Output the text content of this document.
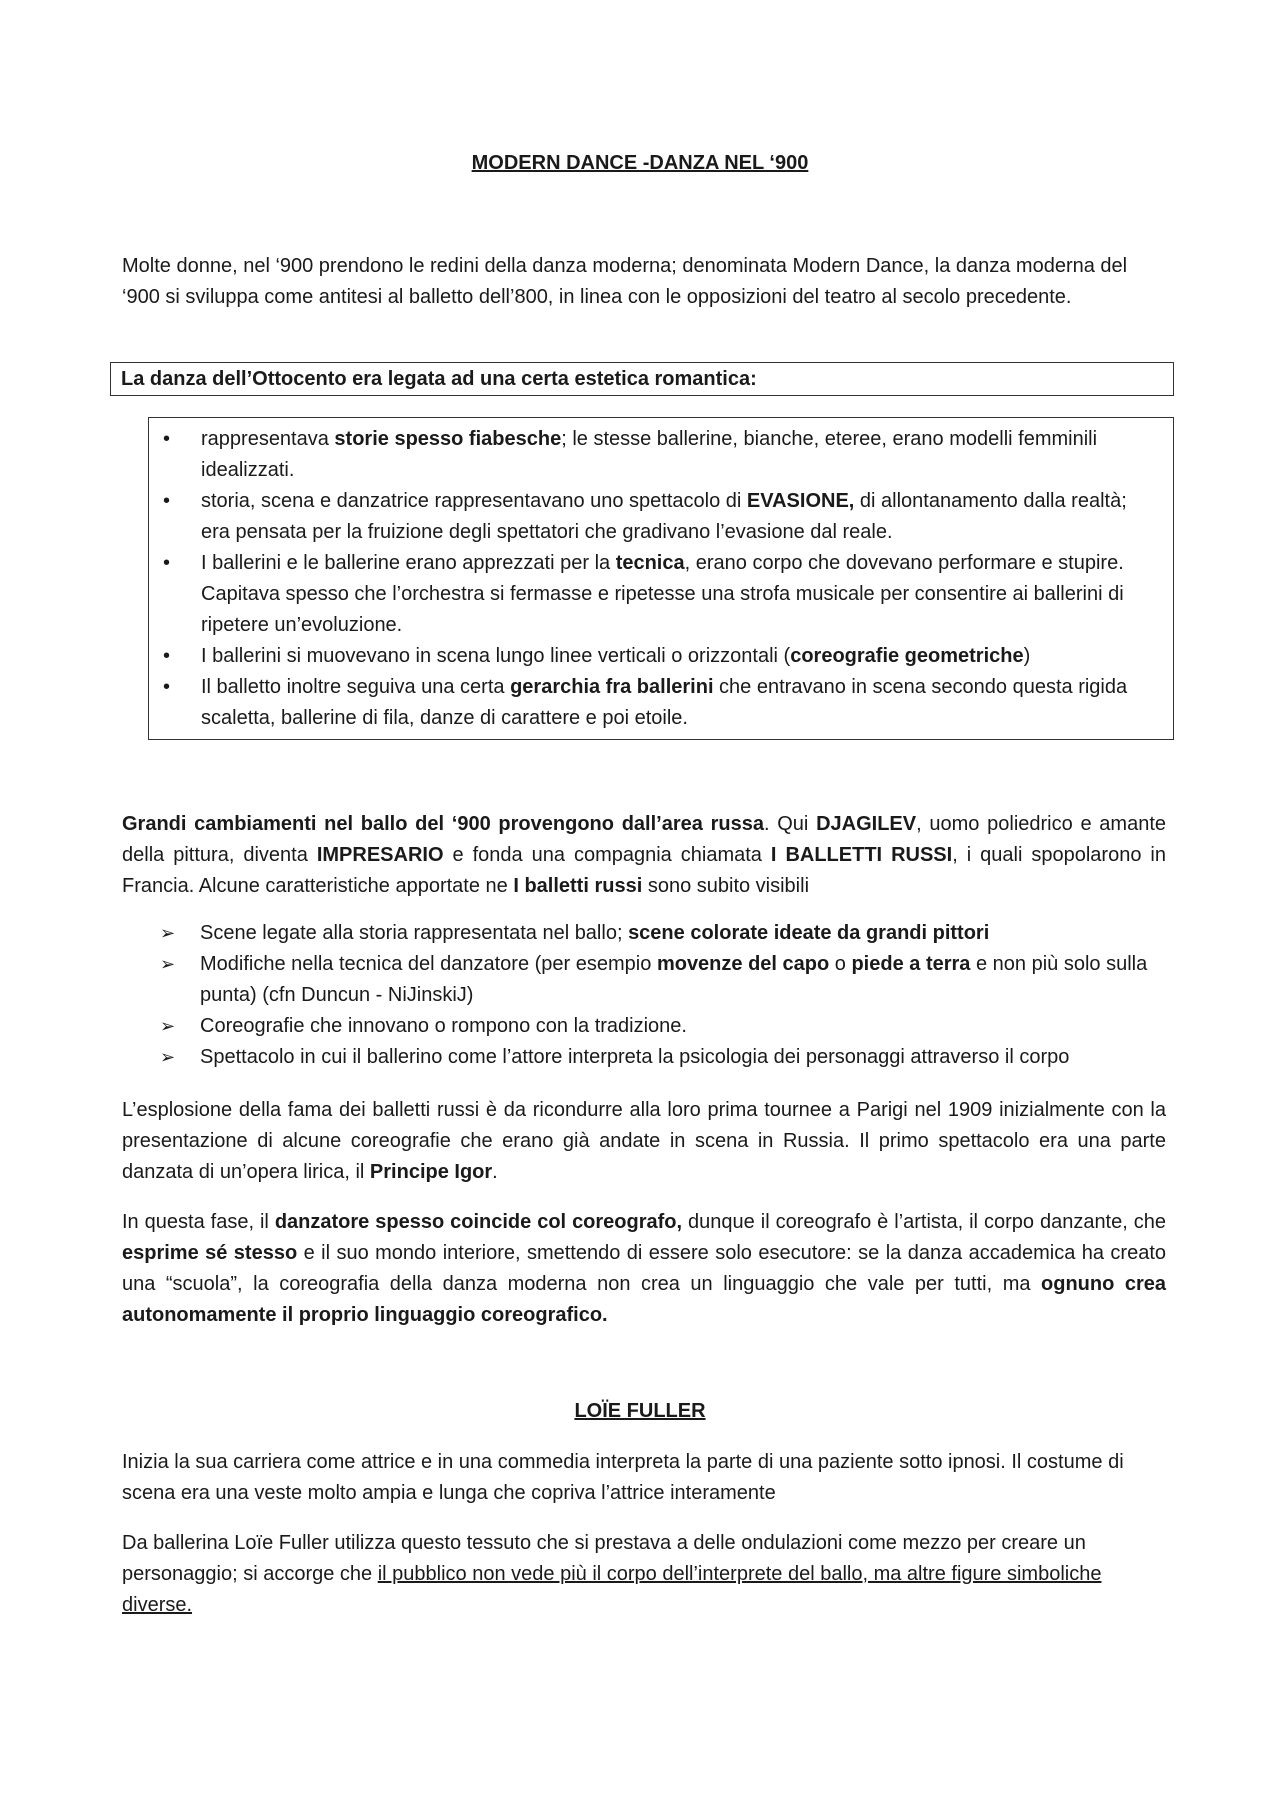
MODERN DANCE -DANZA NEL ‘900

Molte donne, nel ‘900 prendono le redini della danza moderna; denominata Modern Dance, la danza moderna del ‘900 si sviluppa come antitesi al balletto dell’800, in linea con le opposizioni del teatro al secolo precedente.

La danza dell’Ottocento era legata ad una certa estetica romantica:
• rappresentava storie spesso fiabesche; le stesse ballerine, bianche, eteree, erano modelli femminili idealizzati.
• storia, scena e danzatrice rappresentavano uno spettacolo di EVASIONE, di allontanamento dalla realtà; era pensata per la fruizione degli spettatori che gradivano l’evasione dal reale.
• I ballerini e le ballerine erano apprezzati per la tecnica, erano corpo che dovevano performare e stupire. Capitava spesso che l’orchestra si fermasse e ripetesse una strofa musicale per consentire ai ballerini di ripetere un’evoluzione.
• I ballerini si muovevano in scena lungo linee verticali o orizzontali (coreografie geometriche)
• Il balletto inoltre seguiva una certa gerarchia fra ballerini che entravano in scena secondo questa rigida scaletta, ballerine di fila, danze di carattere e poi etoile.

Grandi cambiamenti nel ballo del ‘900 provengono dall’area russa. Qui DJAGILEV, uomo poliedrico e amante della pittura, diventa IMPRESARIO e fonda una compagnia chiamata I BALLETTI RUSSI, i quali spopolarono in Francia. Alcune caratteristiche apportate ne I balletti russi sono subito visibili

➢ Scene legate alla storia rappresentata nel ballo; scene colorate ideate da grandi pittori
➢ Modifiche nella tecnica del danzatore (per esempio movenze del capo o piede a terra e non più solo sulla punta) (cfn Duncun - NiJinskiJ)
➢ Coreografie che innovano o rompono con la tradizione.
➢ Spettacolo in cui il ballerino come l’attore interpreta la psicologia dei personaggi attraverso il corpo

L’esplosione della fama dei balletti russi è da ricondurre alla loro prima tournee a Parigi nel 1909 inizialmente con la presentazione di alcune coreografie che erano già andate in scena in Russia. Il primo spettacolo era una parte danzata di un’opera lirica, il Principe Igor.

In questa fase, il danzatore spesso coincide col coreografo, dunque il coreografo è l’artista, il corpo danzante, che esprime sé stesso e il suo mondo interiore, smettendo di essere solo esecutore: se la danza accademica ha creato una “scuola”, la coreografia della danza moderna non crea un linguaggio che vale per tutti, ma ognuno crea autonomamente il proprio linguaggio coreografico.

LOÏE FULLER

Inizia la sua carriera come attrice e in una commedia interpreta la parte di una paziente sotto ipnosi. Il costume di scena era una veste molto ampia e lunga che copriva l’attrice interamente

Da ballerina Loïe Fuller utilizza questo tessuto che si prestava a delle ondulazioni come mezzo per creare un personaggio; si accorge che il pubblico non vede più il corpo dell’interprete del ballo, ma altre figure simboliche diverse.
